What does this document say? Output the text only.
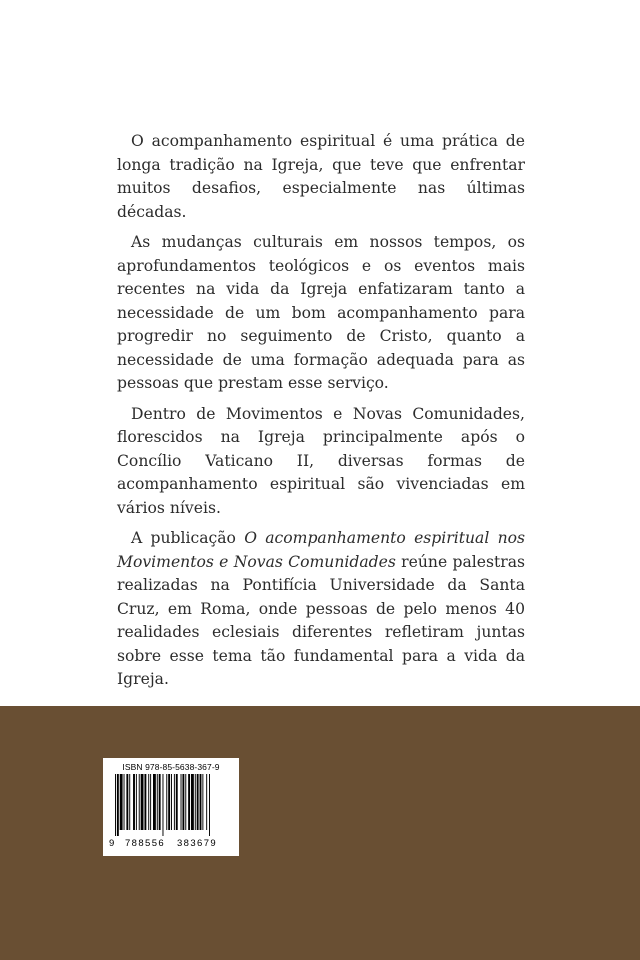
O acompanhamento espiritual é uma prática de longa tradição na Igreja, que teve que enfrentar muitos desafios, especialmente nas últimas décadas.

As mudanças culturais em nossos tempos, os aprofundamentos teológicos e os eventos mais recentes na vida da Igreja enfatizaram tanto a necessidade de um bom acompanhamento para progredir no seguimento de Cristo, quanto a necessidade de uma formação adequada para as pessoas que prestam esse serviço.

Dentro de Movimentos e Novas Comunidades, florescidos na Igreja principalmente após o Concílio Vaticano II, diversas formas de acompanhamento espiritual são vivenciadas em vários níveis.

A publicação O acompanhamento espiritual nos Movimentos e Novas Comunidades reúne palestras realizadas na Pontifícia Universidade da Santa Cruz, em Roma, onde pessoas de pelo menos 40 realidades eclesiais diferentes refletiram juntas sobre esse tema tão fundamental para a vida da Igreja.

ISBN 978-85-5638-367-9
9 788556 383679
